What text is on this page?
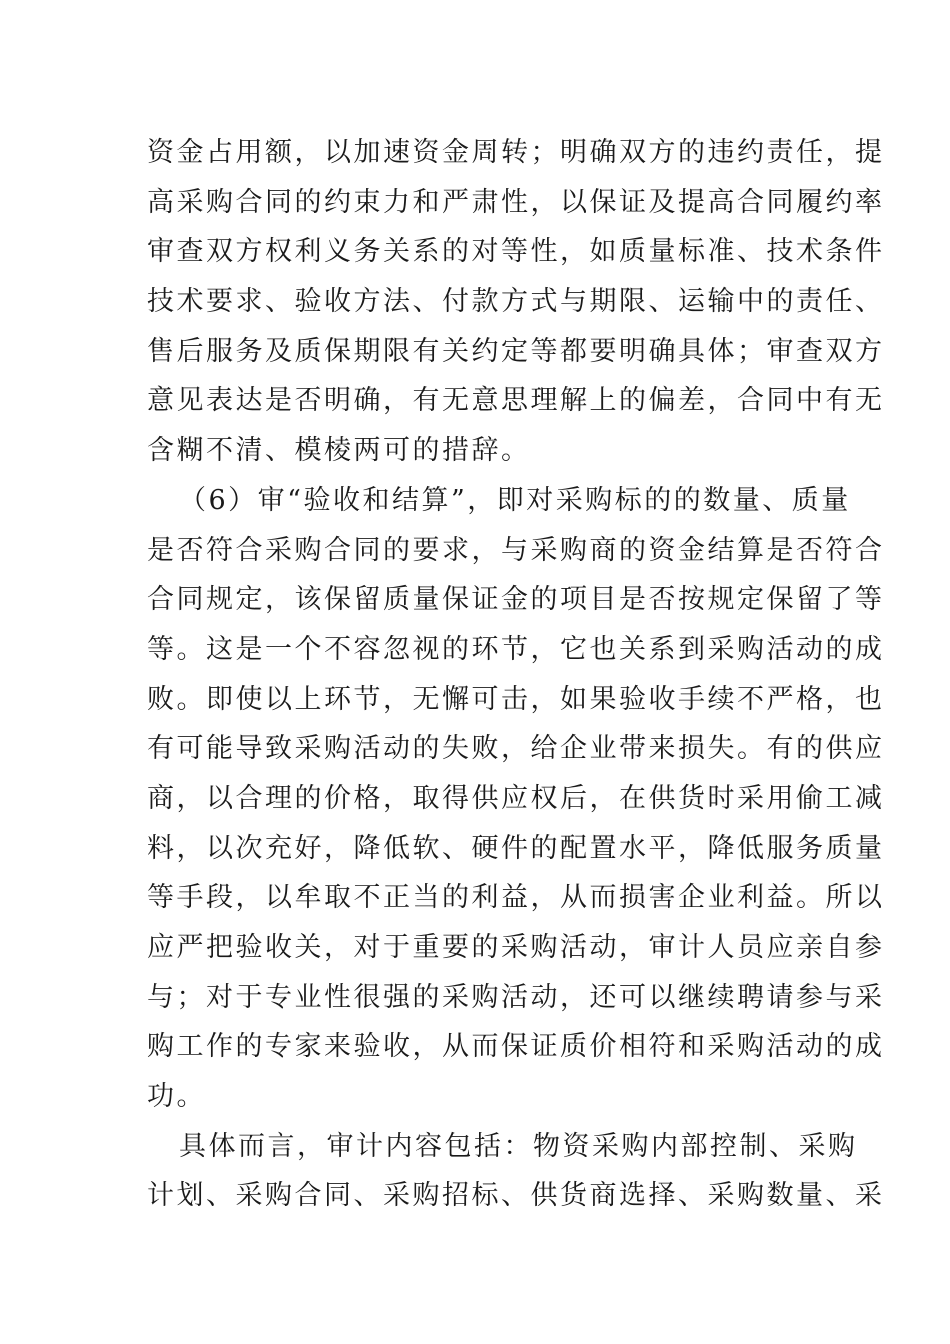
资金占用额，以加速资金周转；明确双方的违约责任，提
高采购合同的约束力和严肃性，以保证及提高合同履约率
审查双方权利义务关系的对等性，如质量标准、技术条件
技术要求、验收方法、付款方式与期限、运输中的责任、
售后服务及质保期限有关约定等都要明确具体；审查双方
意见表达是否明确，有无意思理解上的偏差，合同中有无
含糊不清、模棱两可的措辞。
（6）审“验收和结算”，即对采购标的的数量、质量
是否符合采购合同的要求，与采购商的资金结算是否符合
合同规定，该保留质量保证金的项目是否按规定保留了等
等。这是一个不容忽视的环节，它也关系到采购活动的成
败。即使以上环节，无懈可击，如果验收手续不严格，也
有可能导致采购活动的失败，给企业带来损失。有的供应
商，以合理的价格，取得供应权后，在供货时采用偷工减
料，以次充好，降低软、硬件的配置水平，降低服务质量
等手段，以牟取不正当的利益，从而损害企业利益。所以
应严把验收关，对于重要的采购活动，审计人员应亲自参
与；对于专业性很强的采购活动，还可以继续聘请参与采
购工作的专家来验收，从而保证质价相符和采购活动的成
功。
具体而言，审计内容包括：物资采购内部控制、采购
计划、采购合同、采购招标、供货商选择、采购数量、采
